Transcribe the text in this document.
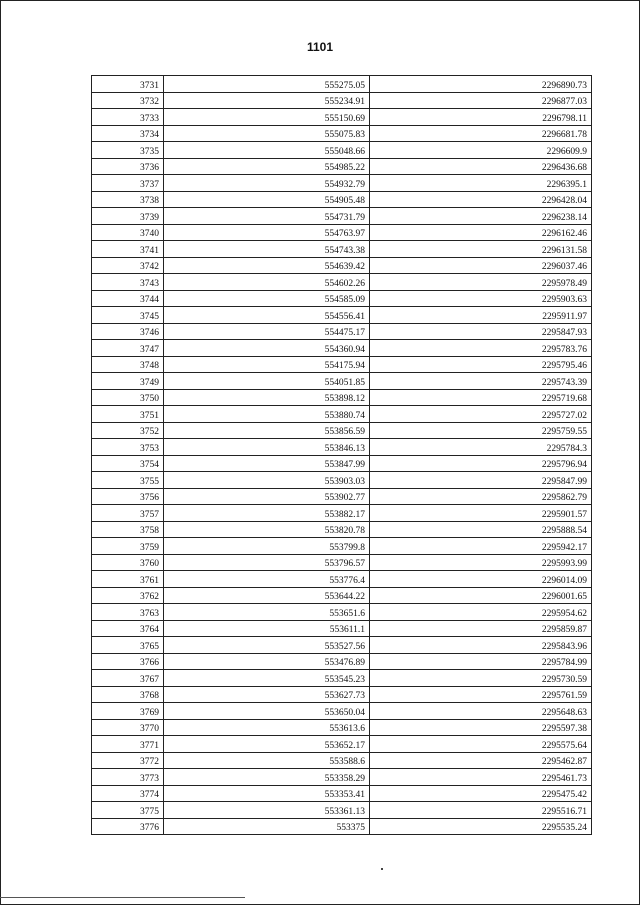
1101
3731	555275.05	2296890.73
3732	555234.91	2296877.03
3733	555150.69	2296798.11
3734	555075.83	2296681.78
3735	555048.66	2296609.9
3736	554985.22	2296436.68
3737	554932.79	2296395.1
3738	554905.48	2296428.04
3739	554731.79	2296238.14
3740	554763.97	2296162.46
3741	554743.38	2296131.58
3742	554639.42	2296037.46
3743	554602.26	2295978.49
3744	554585.09	2295903.63
3745	554556.41	2295911.97
3746	554475.17	2295847.93
3747	554360.94	2295783.76
3748	554175.94	2295795.46
3749	554051.85	2295743.39
3750	553898.12	2295719.68
3751	553880.74	2295727.02
3752	553856.59	2295759.55
3753	553846.13	2295784.3
3754	553847.99	2295796.94
3755	553903.03	2295847.99
3756	553902.77	2295862.79
3757	553882.17	2295901.57
3758	553820.78	2295888.54
3759	553799.8	2295942.17
3760	553796.57	2295993.99
3761	553776.4	2296014.09
3762	553644.22	2296001.65
3763	553651.6	2295954.62
3764	553611.1	2295859.87
3765	553527.56	2295843.96
3766	553476.89	2295784.99
3767	553545.23	2295730.59
3768	553627.73	2295761.59
3769	553650.04	2295648.63
3770	553613.6	2295597.38
3771	553652.17	2295575.64
3772	553588.6	2295462.87
3773	553358.29	2295461.73
3774	553353.41	2295475.42
3775	553361.13	2295516.71
3776	553375	2295535.24
